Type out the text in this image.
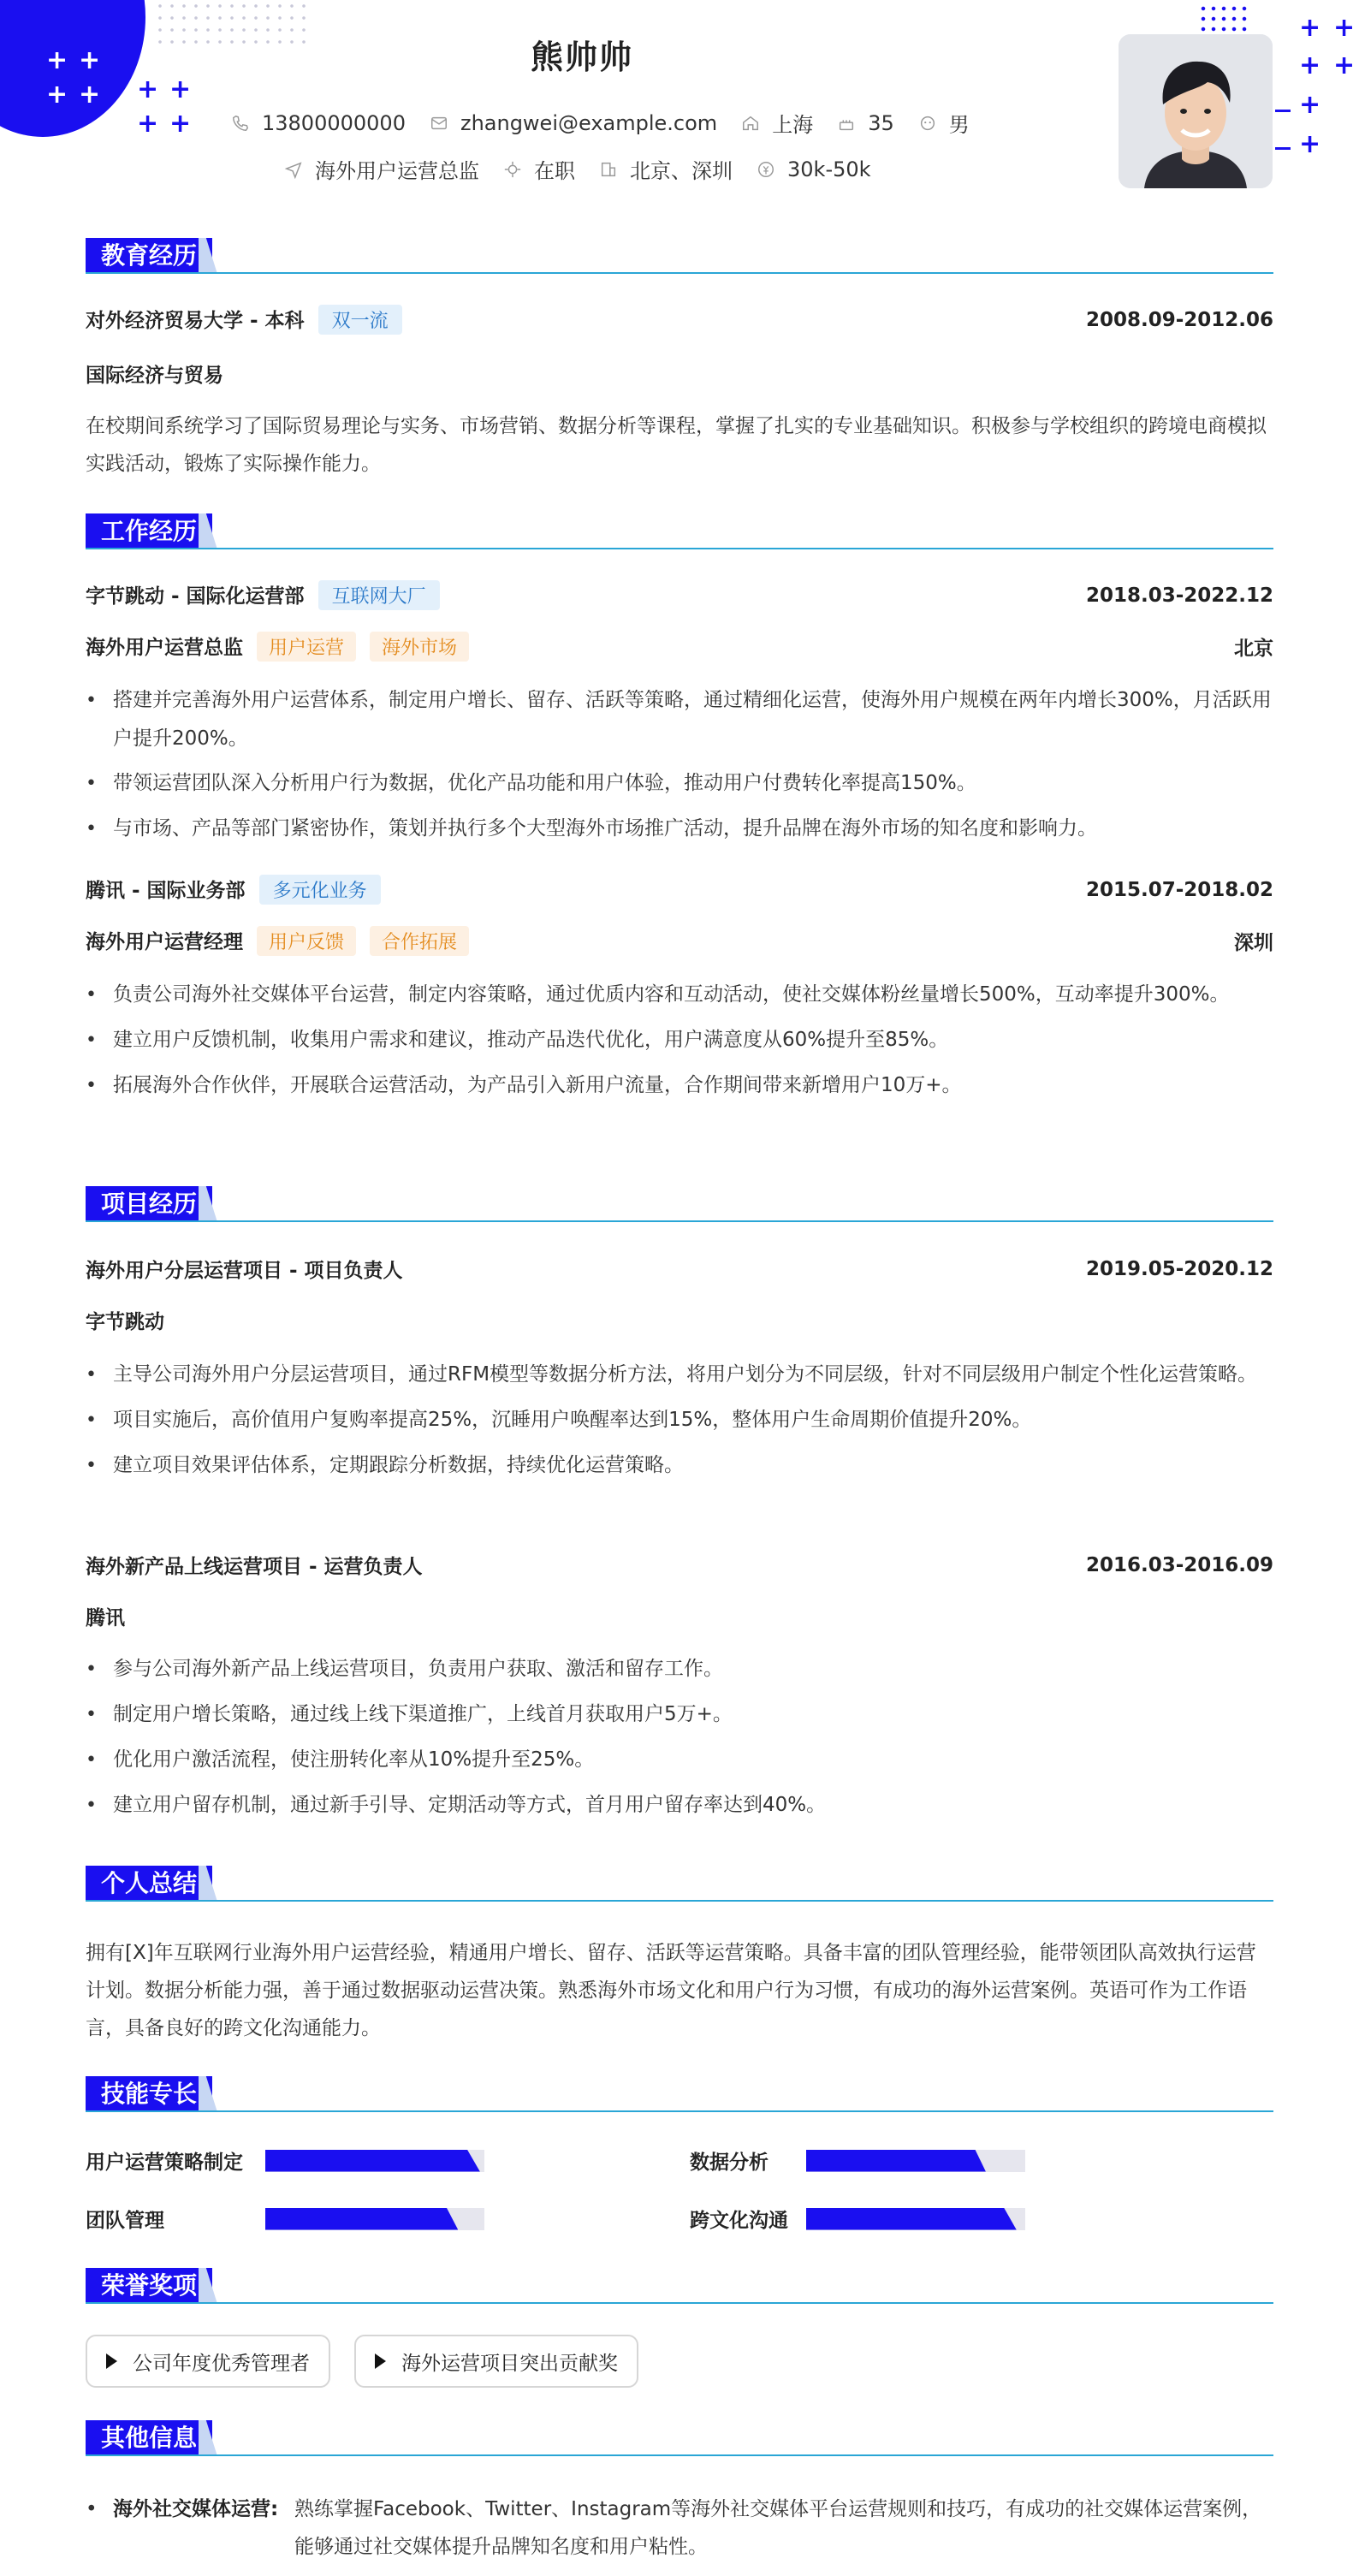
+ +
+ + + +
+ +
+ +
+ +
+
+
熊帅帅
13800000000	zhangwei@example.com	上海	35	男
海外用户运营总监	在职	北京、深圳	30k-50k
教育经历
对外经济贸易大学 - 本科 双一流	2008.09-2012.06
国际经济与贸易
在校期间系统学习了国际贸易理论与实务、市场营销、数据分析等课程，掌握了扎实的专业基础知识。积极参与学校组织的跨境电商模拟实践活动，锻炼了实际操作能力。
工作经历
字节跳动 - 国际化运营部 互联网大厂	2018.03-2022.12
海外用户运营总监 用户运营 海外市场	北京
• 搭建并完善海外用户运营体系，制定用户增长、留存、活跃等策略，通过精细化运营，使海外用户规模在两年内增长300%，月活跃用户提升200%。
• 带领运营团队深入分析用户行为数据，优化产品功能和用户体验，推动用户付费转化率提高150%。
• 与市场、产品等部门紧密协作，策划并执行多个大型海外市场推广活动，提升品牌在海外市场的知名度和影响力。
腾讯 - 国际业务部 多元化业务	2015.07-2018.02
海外用户运营经理 用户反馈 合作拓展	深圳
• 负责公司海外社交媒体平台运营，制定内容策略，通过优质内容和互动活动，使社交媒体粉丝量增长500%，互动率提升300%。
• 建立用户反馈机制，收集用户需求和建议，推动产品迭代优化，用户满意度从60%提升至85%。
• 拓展海外合作伙伴，开展联合运营活动，为产品引入新用户流量，合作期间带来新增用户10万+。
项目经历
海外用户分层运营项目 - 项目负责人	2019.05-2020.12
字节跳动
• 主导公司海外用户分层运营项目，通过RFM模型等数据分析方法，将用户划分为不同层级，针对不同层级用户制定个性化运营策略。
• 项目实施后，高价值用户复购率提高25%，沉睡用户唤醒率达到15%，整体用户生命周期价值提升20%。
• 建立项目效果评估体系，定期跟踪分析数据，持续优化运营策略。
海外新产品上线运营项目 - 运营负责人	2016.03-2016.09
腾讯
• 参与公司海外新产品上线运营项目，负责用户获取、激活和留存工作。
• 制定用户增长策略，通过线上线下渠道推广，上线首月获取用户5万+。
• 优化用户激活流程，使注册转化率从10%提升至25%。
• 建立用户留存机制，通过新手引导、定期活动等方式，首月用户留存率达到40%。
个人总结
拥有[X]年互联网行业海外用户运营经验，精通用户增长、留存、活跃等运营策略。具备丰富的团队管理经验，能带领团队高效执行运营计划。数据分析能力强，善于通过数据驱动运营决策。熟悉海外市场文化和用户行为习惯，有成功的海外运营案例。英语可作为工作语言，具备良好的跨文化沟通能力。
技能专长
用户运营策略制定	数据分析
团队管理	跨文化沟通
荣誉奖项
公司年度优秀管理者	海外运营项目突出贡献奖
其他信息
• 海外社交媒体运营: 熟练掌握Facebook、Twitter、Instagram等海外社交媒体平台运营规则和技巧，有成功的社交媒体运营案例，能够通过社交媒体提升品牌知名度和用户粘性。
